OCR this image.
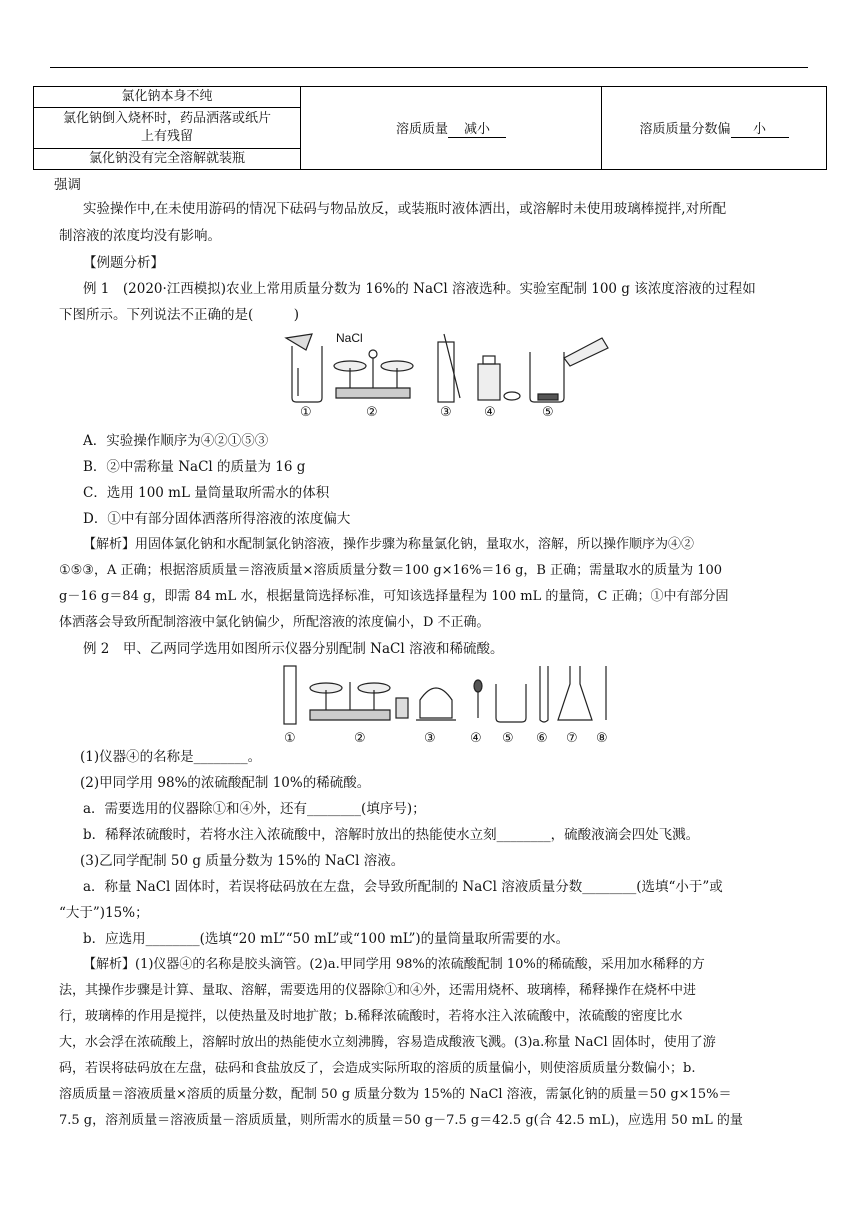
氯化钠本身不纯	溶质质量 减小	溶质质量分数偏 小
氯化钠倒入烧杯时，药品洒落或纸片
上有残留
氯化钠没有完全溶解就装瓶
强调
实验操作中,在未使用游码的情况下砝码与物品放反，或装瓶时液体洒出，或溶解时未使用玻璃棒搅拌,对所配
制溶液的浓度均没有影响。
【例题分析】
例 1　(2020·江西模拟)农业上常用质量分数为 16%的 NaCl 溶液选种。实验室配制 100 g 该浓度溶液的过程如
下图所示。下列说法不正确的是(　　　)
NaCl
①	②	③ ④	⑤
A．实验操作顺序为④②①⑤③
B．②中需称量 NaCl 的质量为 16 g
C．选用 100 mL 量筒量取所需水的体积
D．①中有部分固体洒落所得溶液的浓度偏大
【解析】用固体氯化钠和水配制氯化钠溶液，操作步骤为称量氯化钠，量取水，溶解，所以操作顺序为④②
①⑤③，A 正确；根据溶质质量＝溶液质量×溶质质量分数＝100 g×16%＝16 g，B 正确；需量取水的质量为 100
g－16 g＝84 g，即需 84 mL 水，根据量筒选择标准，可知该选择量程为 100 mL 的量筒，C 正确；①中有部分固
体洒落会导致所配制溶液中氯化钠偏少，所配溶液的浓度偏小，D 不正确。
例 2　甲、乙两同学选用如图所示仪器分别配制 NaCl 溶液和稀硫酸。
①	②	③	④ ⑤ ⑥ ⑦ ⑧
(1)仪器④的名称是________。
(2)甲同学用 98%的浓硫酸配制 10%的稀硫酸。
a．需要选用的仪器除①和④外，还有________(填序号)；
b．稀释浓硫酸时，若将水注入浓硫酸中，溶解时放出的热能使水立刻________，硫酸液滴会四处飞溅。
(3)乙同学配制 50 g 质量分数为 15%的 NaCl 溶液。
a．称量 NaCl 固体时，若误将砝码放在左盘，会导致所配制的 NaCl 溶液质量分数________(选填“小于”或
“大于”)15%；
b．应选用________(选填“20 mL”“50 mL”或“100 mL”)的量筒量取所需要的水。
【解析】(1)仪器④的名称是胶头滴管。(2)a.甲同学用 98%的浓硫酸配制 10%的稀硫酸，采用加水稀释的方
法，其操作步骤是计算、量取、溶解，需要选用的仪器除①和④外，还需用烧杯、玻璃棒，稀释操作在烧杯中进
行，玻璃棒的作用是搅拌，以使热量及时地扩散；b.稀释浓硫酸时，若将水注入浓硫酸中，浓硫酸的密度比水
大，水会浮在浓硫酸上，溶解时放出的热能使水立刻沸腾，容易造成酸液飞溅。(3)a.称量 NaCl 固体时，使用了游
码，若误将砝码放在左盘，砝码和食盐放反了，会造成实际所取的溶质的质量偏小，则使溶质质量分数偏小；b.
溶质质量＝溶液质量×溶质的质量分数，配制 50 g 质量分数为 15%的 NaCl 溶液，需氯化钠的质量＝50 g×15%＝
7.5 g，溶剂质量＝溶液质量－溶质质量，则所需水的质量＝50 g－7.5 g＝42.5 g(合 42.5 mL)，应选用 50 mL 的量
